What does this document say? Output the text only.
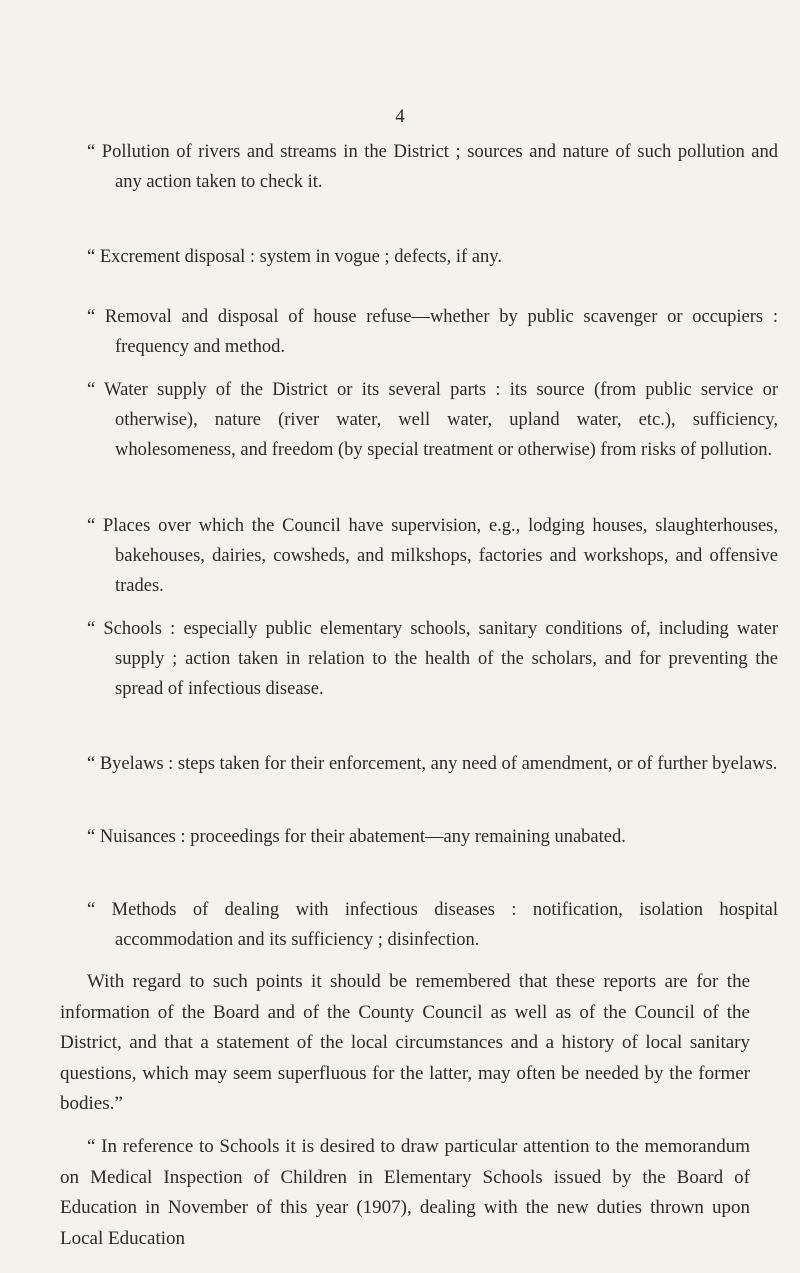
4

“ Pollution of rivers and streams in the District ; sources and nature of such pollution and any action taken to check it.

“ Excrement disposal : system in vogue ; defects, if any.

“ Removal and disposal of house refuse—whether by public scavenger or occupiers : frequency and method.

“ Water supply of the District or its several parts : its source (from public service or otherwise), nature (river water, well water, upland water, etc.), sufficiency, wholesomeness, and freedom (by special treatment or otherwise) from risks of pollution.

“ Places over which the Council have supervision, e.g., lodging houses, slaughterhouses, bakehouses, dairies, cowsheds, and milkshops, factories and workshops, and offensive trades.

“ Schools : especially public elementary schools, sanitary conditions of, including water supply ; action taken in relation to the health of the scholars, and for preventing the spread of infectious disease.

“ Byelaws : steps taken for their enforcement, any need of amendment, or of further byelaws.

“ Nuisances : proceedings for their abatement—any remaining unabated.

“ Methods of dealing with infectious diseases : notification, isolation hospital accommodation and its sufficiency ; disinfection.

With regard to such points it should be remembered that these reports are for the information of the Board and of the County Council as well as of the Council of the District, and that a statement of the local circumstances and a history of local sanitary questions, which may seem superfluous for the latter, may often be needed by the former bodies.”

“ In reference to Schools it is desired to draw particular attention to the memorandum on Medical Inspection of Children in Elementary Schools issued by the Board of Education in November of this year (1907), dealing with the new duties thrown upon Local Education
